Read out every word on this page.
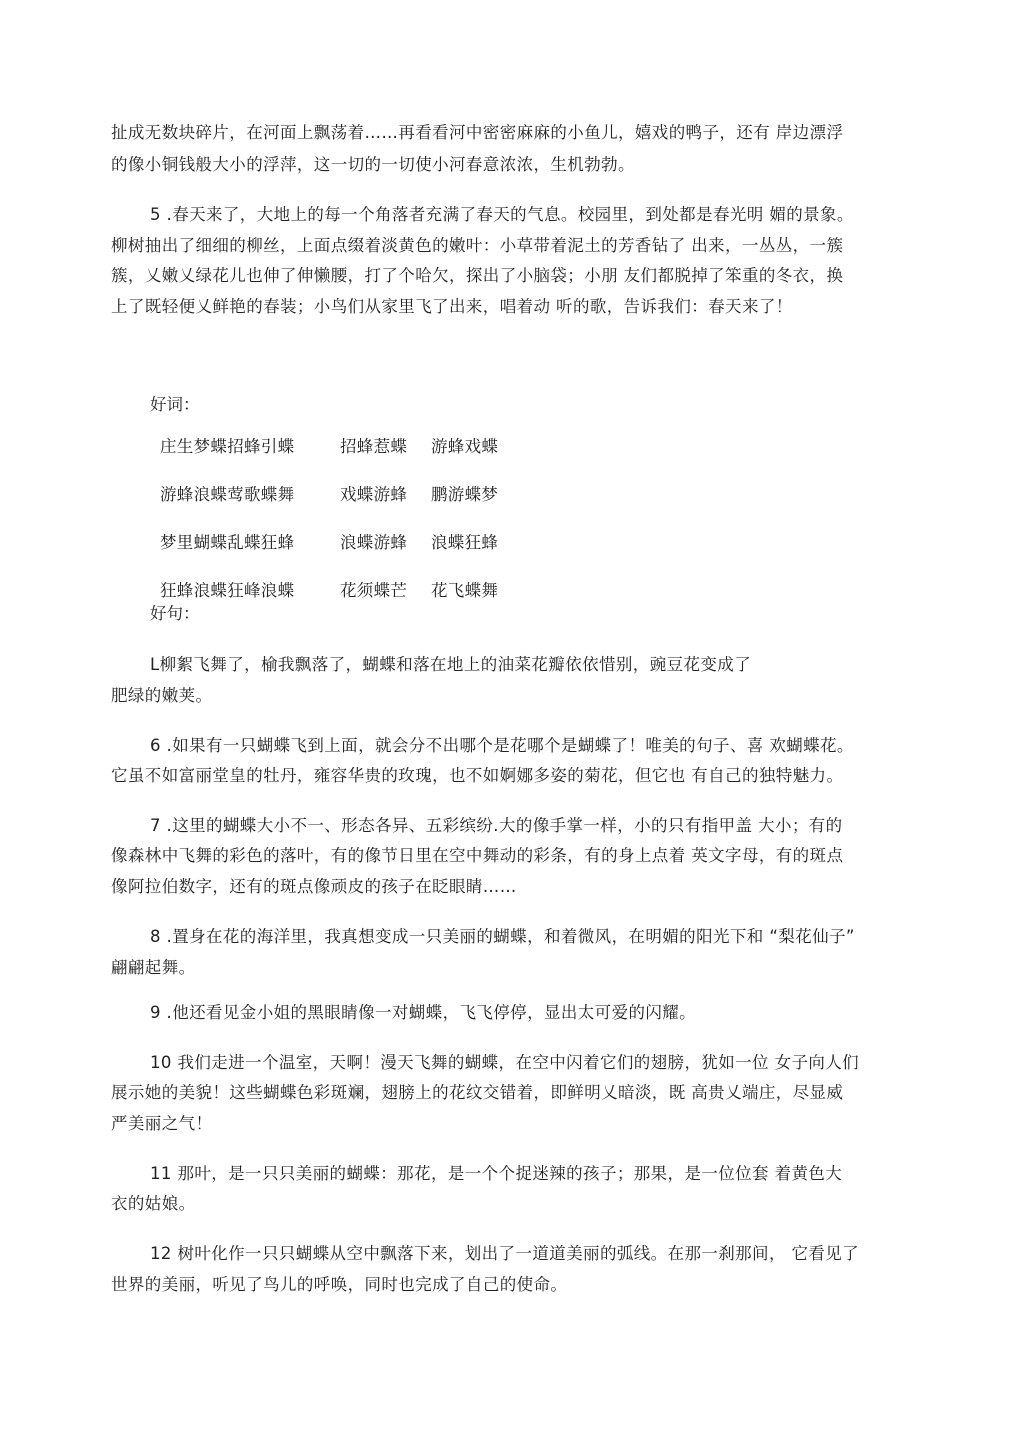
扯成无数块碎片，在河面上飘荡着……再看看河中密密麻麻的小鱼儿，嬉戏的鸭子，还有 岸边漂浮
的像小铜钱般大小的浮萍，这一切的一切使小河春意浓浓，生机勃勃。
5 .春天来了，大地上的每一个角落者充满了春天的气息。校园里，到处都是春光明 媚的景象。
柳树抽出了细细的柳丝，上面点缀着淡黄色的嫩叶：小草带着泥土的芳香钻了 出来，一丛丛，一簇
簇，乂嫩乂绿花儿也伸了伸懒腰，打了个哈欠，探出了小脑袋；小朋 友们都脱掉了笨重的冬衣，换
上了既轻便乂鲜艳的春装；小鸟们从家里飞了出来，唱着动 听的歌，告诉我们：春天来了！
好词：
庄生梦蝶招蜂引蝶	招蜂惹蝶 游蜂戏蝶
游蜂浪蝶莺歌蝶舞	戏蝶游蜂 鹏游蝶梦
梦里蝴蝶乱蝶狂蜂	浪蝶游蜂 浪蝶狂蜂
狂蜂浪蝶狂峰浪蝶	花须蝶芒 花飞蝶舞
好句：
L柳絮飞舞了，榆我飘落了，蝴蝶和落在地上的油菜花瓣依依惜别，豌豆花变成了
肥绿的嫩荚。
6 .如果有一只蝴蝶飞到上面，就会分不出哪个是花哪个是蝴蝶了！唯美的句子、喜 欢蝴蝶花。
它虽不如富丽堂皇的牡丹，雍容华贵的玫瑰，也不如婀娜多姿的菊花，但它也 有自己的独特魅力。
7 .这里的蝴蝶大小不一、形态各异、五彩缤纷.大的像手掌一样，小的只有指甲盖 大小；有的
像森林中飞舞的彩色的落叶，有的像节日里在空中舞动的彩条，有的身上点着 英文字母，有的斑点
像阿拉伯数字，还有的斑点像顽皮的孩子在眨眼睛……
8 .置身在花的海洋里，我真想变成一只美丽的蝴蝶，和着微风，在明媚的阳光下和 “梨花仙子”
翩翩起舞。
9 .他还看见金小姐的黑眼睛像一对蝴蝶，飞飞停停，显出太可爱的闪耀。
10 我们走进一个温室，天啊！漫天飞舞的蝴蝶，在空中闪着它们的翅膀，犹如一位 女子向人们
展示她的美貌！这些蝴蝶色彩斑斓，翅膀上的花纹交错着，即鲜明乂暗淡，既 高贵乂端庄，尽显威
严美丽之气！
11 那叶，是一只只美丽的蝴蝶：那花，是一个个捉迷辣的孩子；那果，是一位位套 着黄色大
衣的姑娘。
12 树叶化作一只只蝴蝶从空中飘落下来，划出了一道道美丽的弧线。在那一刹那间， 它看见了
世界的美丽，听见了鸟儿的呼唤，同时也完成了自己的使命。
